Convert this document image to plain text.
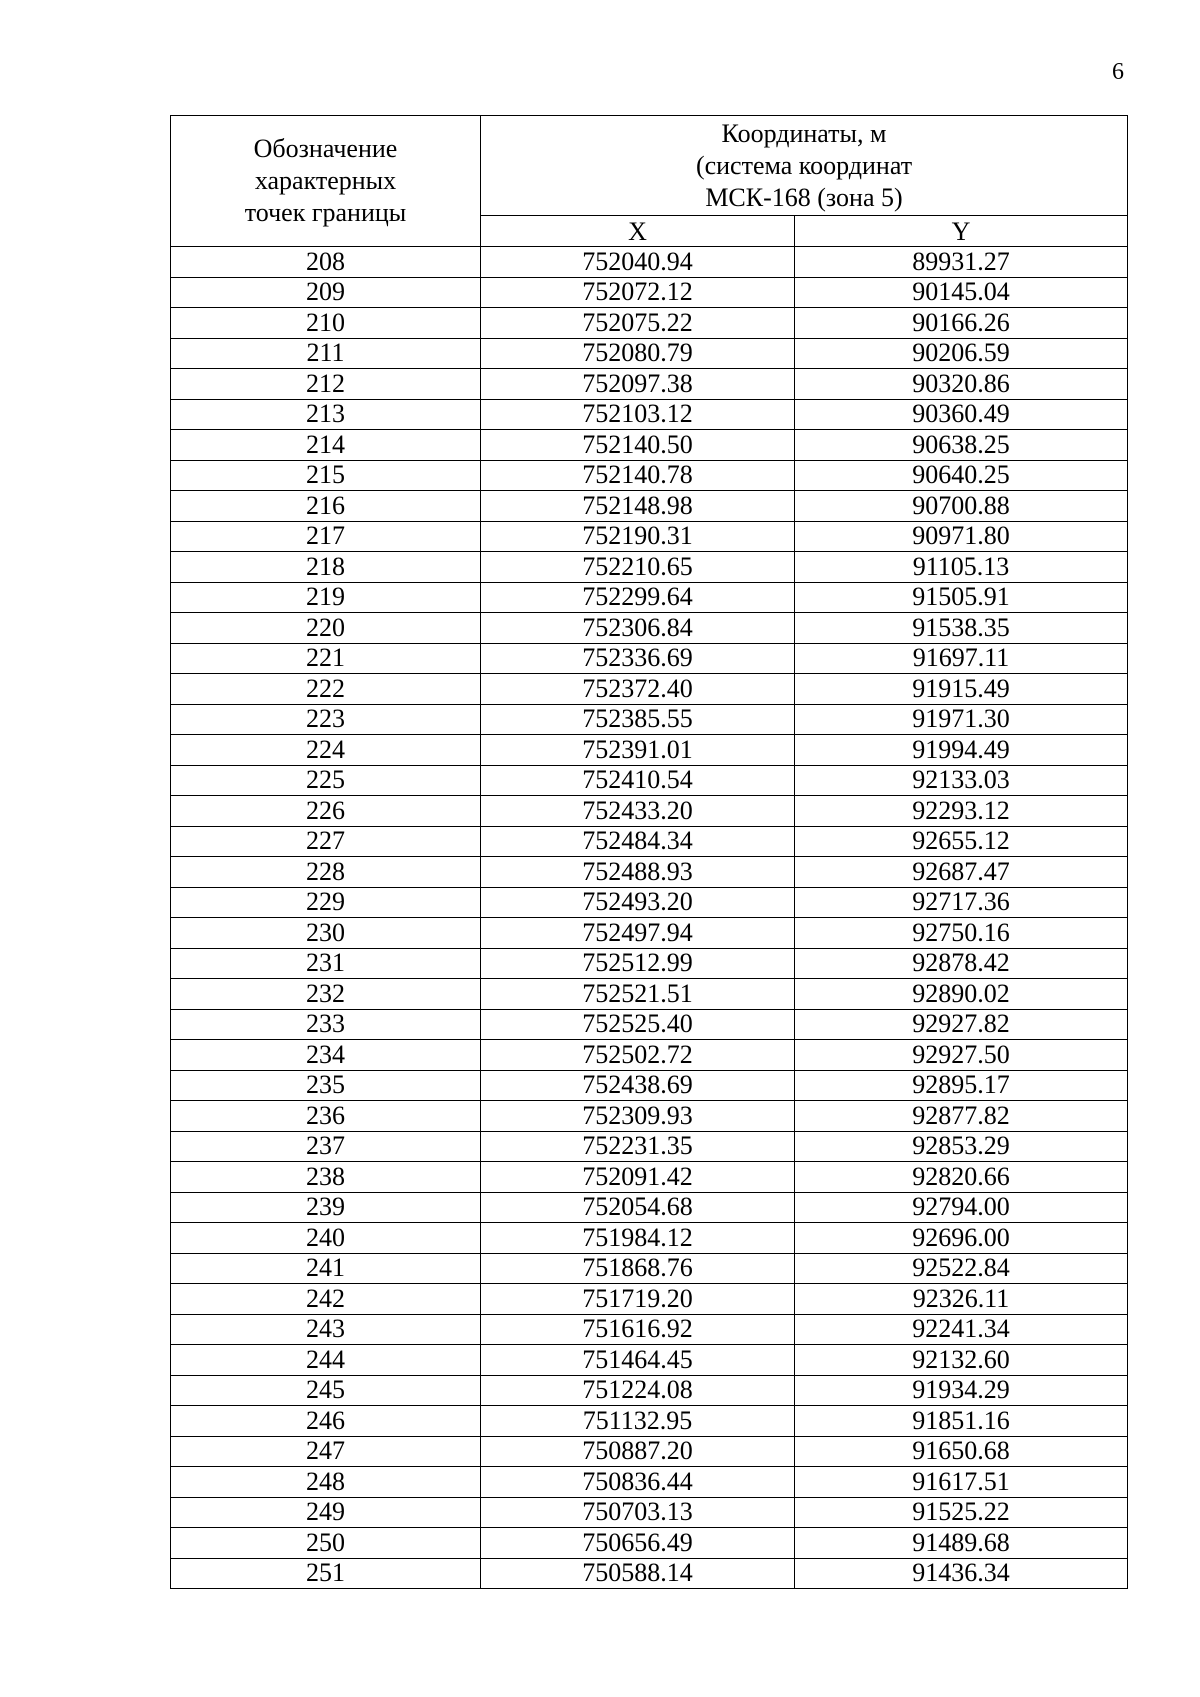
6
Обозначение
характерных
точек границы	Координаты, м
(система координат
МСК-168 (зона 5)	

	X	Y
208	752040.94	89931.27
209	752072.12	90145.04
210	752075.22	90166.26
211	752080.79	90206.59
212	752097.38	90320.86
213	752103.12	90360.49
214	752140.50	90638.25
215	752140.78	90640.25
216	752148.98	90700.88
217	752190.31	90971.80
218	752210.65	91105.13
219	752299.64	91505.91
220	752306.84	91538.35
221	752336.69	91697.11
222	752372.40	91915.49
223	752385.55	91971.30
224	752391.01	91994.49
225	752410.54	92133.03
226	752433.20	92293.12
227	752484.34	92655.12
228	752488.93	92687.47
229	752493.20	92717.36
230	752497.94	92750.16
231	752512.99	92878.42
232	752521.51	92890.02
233	752525.40	92927.82
234	752502.72	92927.50
235	752438.69	92895.17
236	752309.93	92877.82
237	752231.35	92853.29
238	752091.42	92820.66
239	752054.68	92794.00
240	751984.12	92696.00
241	751868.76	92522.84
242	751719.20	92326.11
243	751616.92	92241.34
244	751464.45	92132.60
245	751224.08	91934.29
246	751132.95	91851.16
247	750887.20	91650.68
248	750836.44	91617.51
249	750703.13	91525.22
250	750656.49	91489.68
251	750588.14	91436.34
